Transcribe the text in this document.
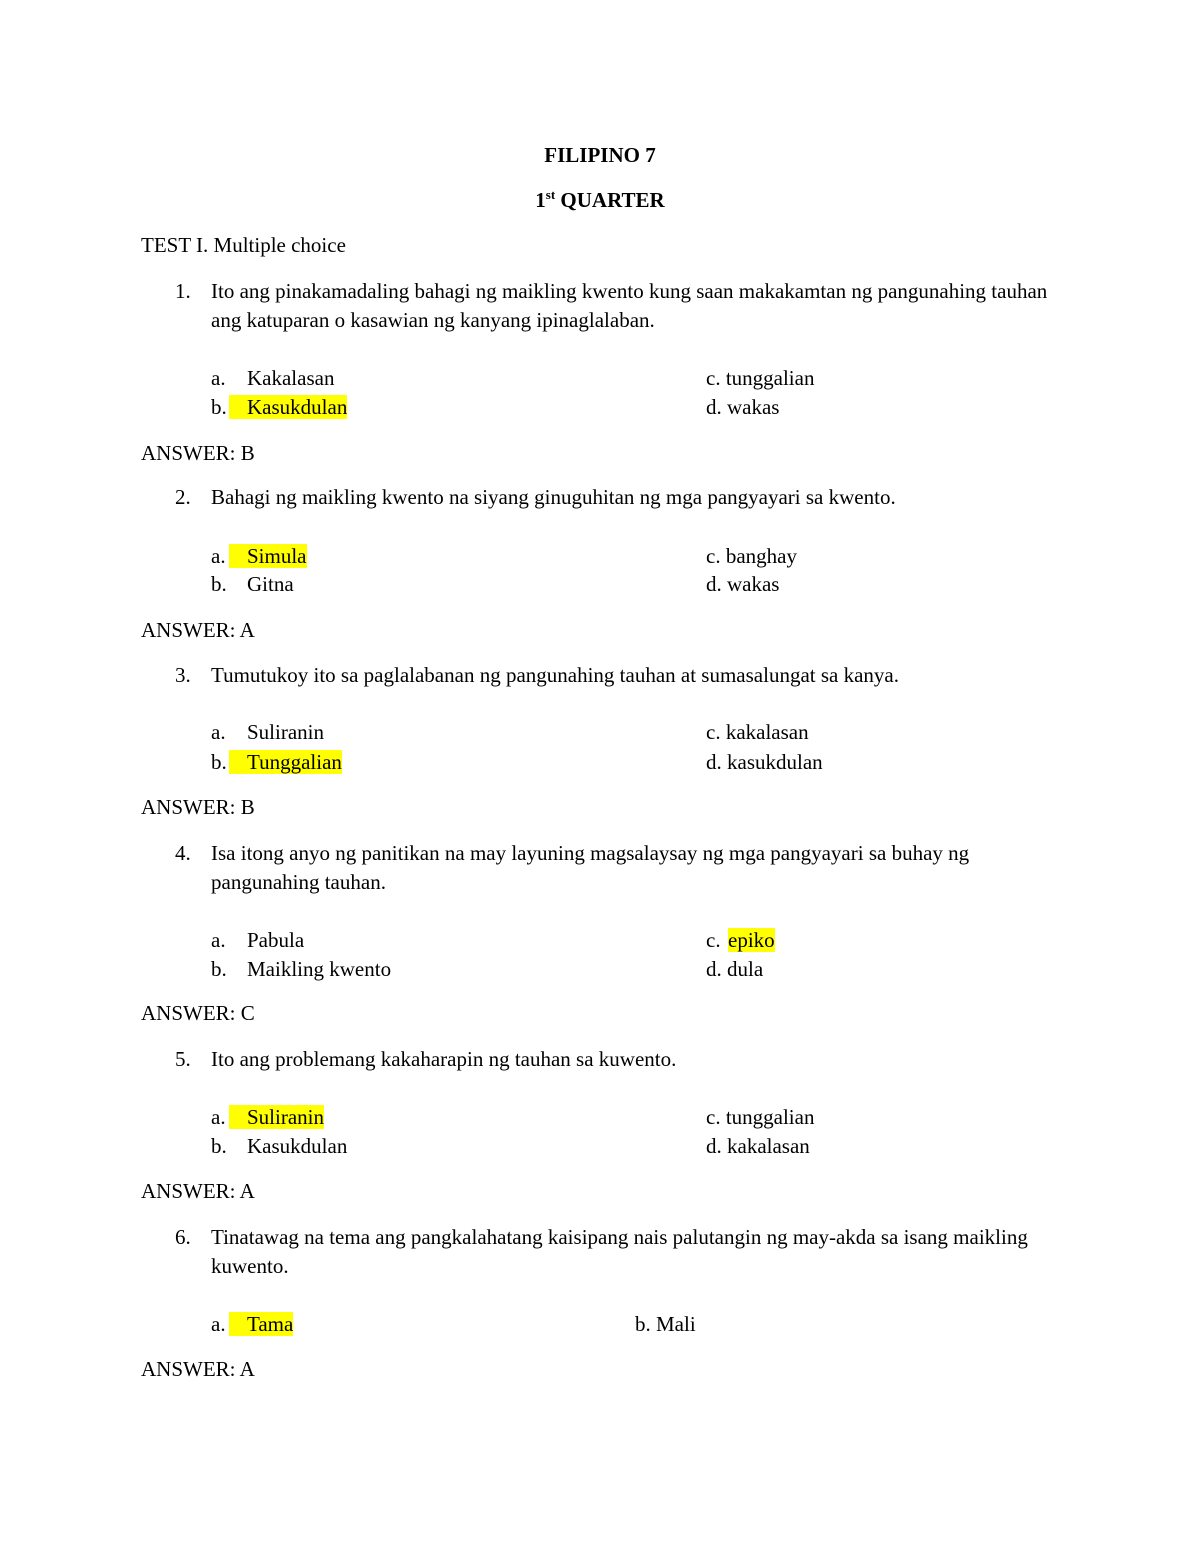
FILIPINO 7
1st QUARTER
TEST I. Multiple choice
1. Ito ang pinakamadaling bahagi ng maikling kwento kung saan makakamtan ng pangunahing tauhan ang katuparan o kasawian ng kanyang ipinaglalaban.
a. Kakalasan
b. Kasukdulan
c. tunggalian
d. wakas
ANSWER: B
2. Bahagi ng maikling kwento na siyang ginuguhitan ng mga pangyayari sa kwento.
a.	Simula
b. Gitna
c. banghay
d. wakas
ANSWER: A
3. Tumutukoy ito sa paglalabanan ng pangunahing tauhan at sumasalungat sa kanya.
a. Suliranin
b. Tunggalian
c. kakalasan
d. kasukdulan
ANSWER: B
4. Isa itong anyo ng panitikan na may layuning magsalaysay ng mga pangyayari sa buhay ng pangunahing tauhan.
a. Pabula
b. Maikling kwento
c. epiko
d. dula
ANSWER: C
5. Ito ang problemang kakaharapin ng tauhan sa kuwento.
a.	Suliranin
b. Kasukdulan
c. tunggalian
d. kakalasan
ANSWER: A
6. Tinatawag na tema ang pangkalahatang kaisipang nais palutangin ng may-akda sa isang maikling kuwento.
a.	Tama	b. Mali
ANSWER: A
